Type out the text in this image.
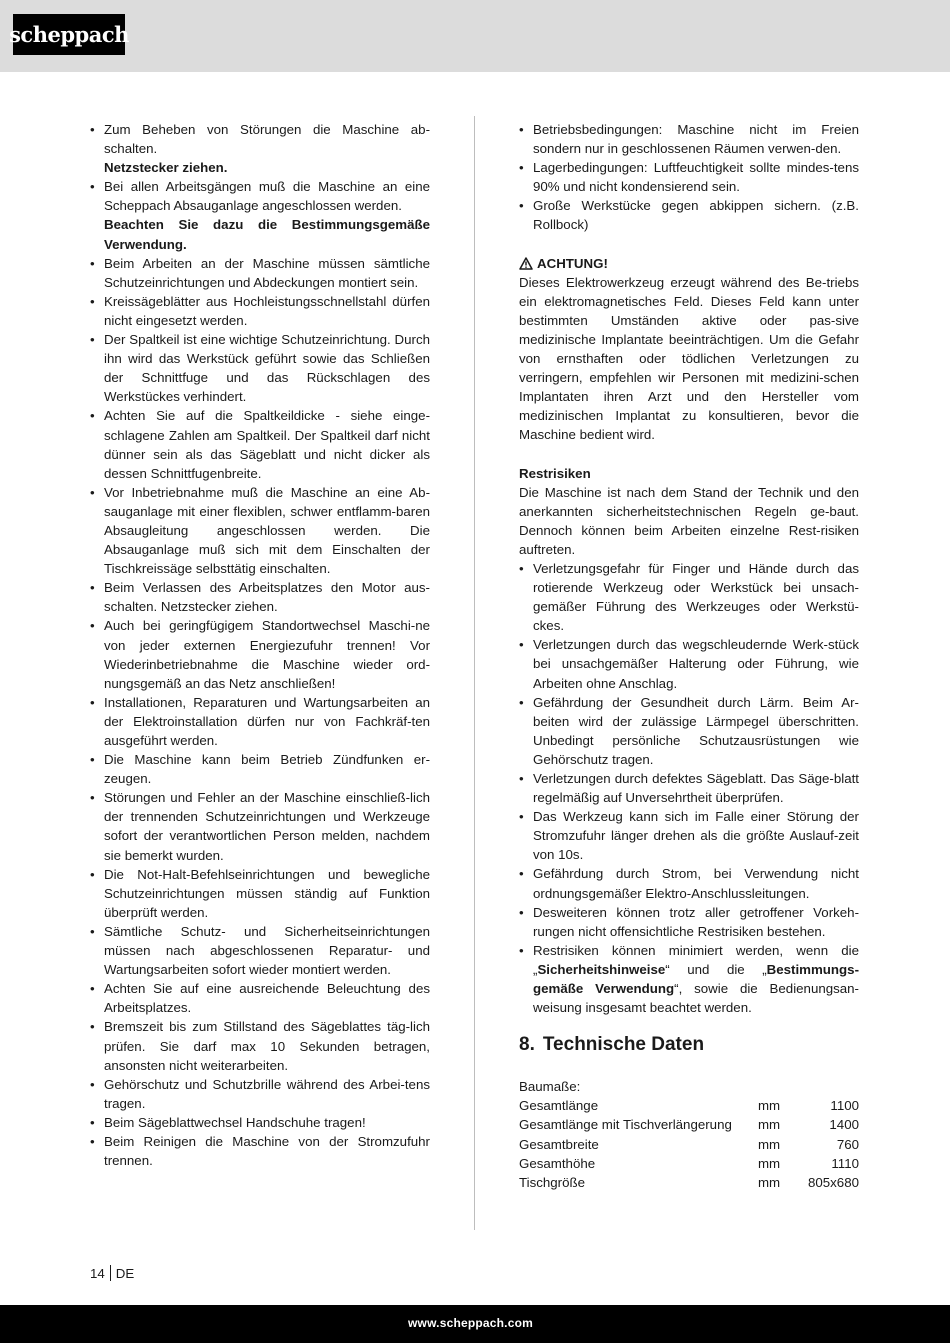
scheppach
• Zum Beheben von Störungen die Maschine ab-schalten.
Netzstecker ziehen.
• Bei allen Arbeitsgängen muß die Maschine an eine Scheppach Absauganlage angeschlossen werden.
Beachten Sie dazu die Bestimmungsgemäße Verwendung.
• Beim Arbeiten an der Maschine müssen sämtliche Schutzeinrichtungen und Abdeckungen montiert sein.
• Kreissägeblätter aus Hochleistungsschnellstahl dürfen nicht eingesetzt werden.
• Der Spaltkeil ist eine wichtige Schutzeinrichtung. Durch ihn wird das Werkstück geführt sowie das Schließen der Schnittfuge und das Rückschlagen des Werkstückes verhindert.
• Achten Sie auf die Spaltkeildicke - siehe einge-schlagene Zahlen am Spaltkeil. Der Spaltkeil darf nicht dünner sein als das Sägeblatt und nicht dicker als dessen Schnittfugenbreite.
• Vor Inbetriebnahme muß die Maschine an eine Ab-sauganlage mit einer flexiblen, schwer entflamm-baren Absaugleitung angeschlossen werden. Die Absauganlage muß sich mit dem Einschalten der Tischkreissäge selbsttätig einschalten.
• Beim Verlassen des Arbeitsplatzes den Motor aus-schalten. Netzstecker ziehen.
• Auch bei geringfügigem Standortwechsel Maschi-ne von jeder externen Energiezufuhr trennen! Vor Wiederinbetriebnahme die Maschine wieder ord-nungsgemäß an das Netz anschließen!
• Installationen, Reparaturen und Wartungsarbeiten an der Elektroinstallation dürfen nur von Fachkräf-ten ausgeführt werden.
• Die Maschine kann beim Betrieb Zündfunken er-zeugen.
• Störungen und Fehler an der Maschine einschließ-lich der trennenden Schutzeinrichtungen und Werkzeuge sofort der verantwortlichen Person melden, nachdem sie bemerkt wurden.
• Die Not-Halt-Befehlseinrichtungen und bewegliche Schutzeinrichtungen müssen ständig auf Funktion überprüft werden.
• Sämtliche Schutz- und Sicherheitseinrichtungen müssen nach abgeschlossenen Reparatur- und Wartungsarbeiten sofort wieder montiert werden.
• Achten Sie auf eine ausreichende Beleuchtung des Arbeitsplatzes.
• Bremszeit bis zum Stillstand des Sägeblattes täg-lich prüfen. Sie darf max 10 Sekunden betragen, ansonsten nicht weiterarbeiten.
• Gehörschutz und Schutzbrille während des Arbei-tens tragen.
• Beim Sägeblattwechsel Handschuhe tragen!
• Beim Reinigen die Maschine von der Stromzufuhr trennen.
• Betriebsbedingungen: Maschine nicht im Freien sondern nur in geschlossenen Räumen verwen-den.
• Lagerbedingungen: Luftfeuchtigkeit sollte mindes-tens 90% und nicht kondensierend sein.
• Große Werkstücke gegen abkippen sichern. (z.B. Rollbock)

ACHTUNG!

Dieses Elektrowerkzeug erzeugt während des Be-triebs ein elektromagnetisches Feld. Dieses Feld kann unter bestimmten Umständen aktive oder pas-sive medizinische Implantate beeinträchtigen. Um die Gefahr von ernsthaften oder tödlichen Verletzungen zu verringern, empfehlen wir Personen mit medizini-schen Implantaten ihren Arzt und den Hersteller vom medizinischen Implantat zu konsultieren, bevor die Maschine bedient wird.

Restrisiken

Die Maschine ist nach dem Stand der Technik und den anerkannten sicherheitstechnischen Regeln ge-baut. Dennoch können beim Arbeiten einzelne Rest-risiken auftreten.

• Verletzungsgefahr für Finger und Hände durch das rotierende Werkzeug oder Werkstück bei unsach-gemäßer Führung des Werkzeuges oder Werkstü-ckes.
• Verletzungen durch das wegschleudernde Werk-stück bei unsachgemäßer Halterung oder Führung, wie Arbeiten ohne Anschlag.
• Gefährdung der Gesundheit durch Lärm. Beim Ar-beiten wird der zulässige Lärmpegel überschritten. Unbedingt persönliche Schutzausrüstungen wie Gehörschutz tragen.
• Verletzungen durch defektes Sägeblatt. Das Säge-blatt regelmäßig auf Unversehrtheit überprüfen.
• Das Werkzeug kann sich im Falle einer Störung der Stromzufuhr länger drehen als die größte Auslauf-zeit von 10s.
• Gefährdung durch Strom, bei Verwendung nicht ordnungsgemäßer Elektro-Anschlussleitungen.
• Desweiteren können trotz aller getroffener Vorkeh-rungen nicht offensichtliche Restrisiken bestehen.
• Restrisiken können minimiert werden, wenn die „Sicherheitshinweise“ und die „Bestimmungs-gemäße Verwendung“, sowie die Bedienungsan-weisung insgesamt beachtet werden.
8. Technische Daten

Baumaße:

Gesamtlänge	mm	1100
Gesamtlänge mit Tischverlängerung	mm	1400
Gesamtbreite	mm	760
Gesamthöhe	mm	1110
Tischgröße	mm	805x680
14 DE
www.scheppach.com
